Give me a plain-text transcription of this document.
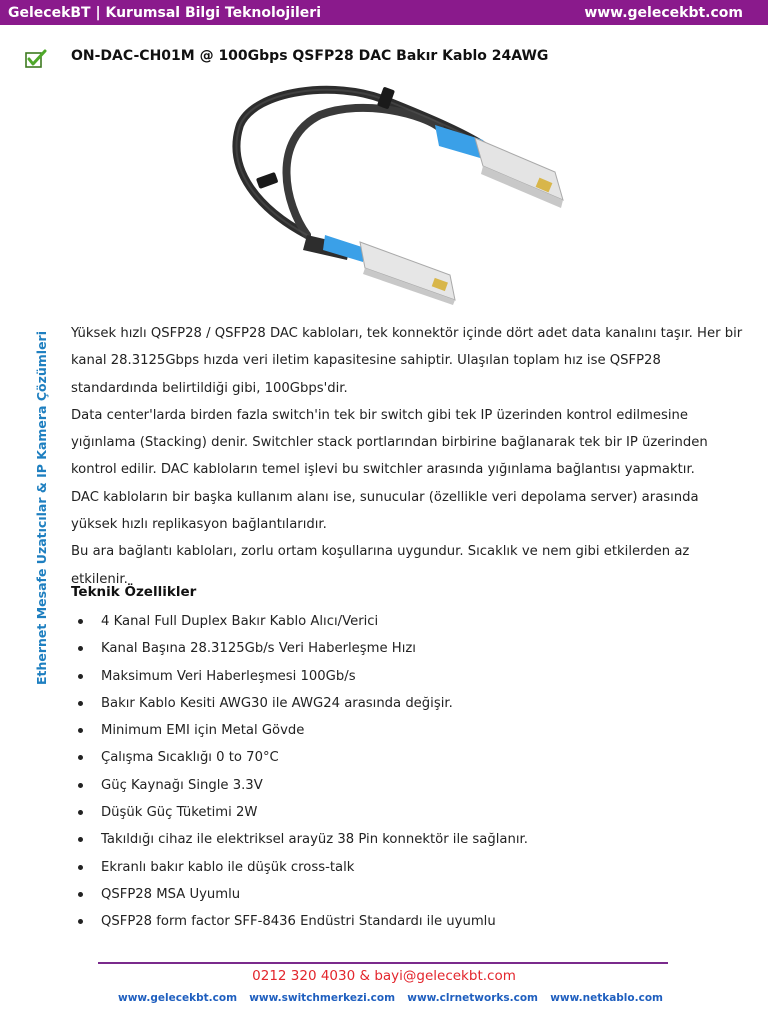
GelecekBT | Kurumsal Bilgi Teknolojileri	www.gelecekbt.com
ON-DAC-CH01M @ 100Gbps QSFP28 DAC Bakır Kablo 24AWG
Ethernet Mesafe Uzatıcılar & IP Kamera Çözümleri	Yüksek hızlı QSFP28 / QSFP28 DAC kabloları, tek konnektör içinde dört adet data kanalını taşır. Her bir kanal 28.3125Gbps hızda veri iletim kapasitesine sahiptir. Ulaşılan toplam hız ise QSFP28 standardında belirtildiği gibi, 100Gbps'dir.

Data center'larda birden fazla switch'in tek bir switch gibi tek IP üzerinden kontrol edilmesine yığınlama (Stacking) denir. Switchler stack portlarından birbirine bağlanarak tek bir IP üzerinden kontrol edilir. DAC kabloların temel işlevi bu switchler arasında yığınlama bağlantısı yapmaktır.

DAC kabloların bir başka kullanım alanı ise, sunucular (özellikle veri depolama server) arasında yüksek hızlı replikasyon bağlantılarıdır.

Bu ara bağlantı kabloları, zorlu ortam koşullarına uygundur. Sıcaklık ve nem gibi etkilerden az etkilenir.

Teknik Özellikler
4 Kanal Full Duplex Bakır Kablo Alıcı/Verici
Kanal Başına 28.3125Gb/s Veri Haberleşme Hızı
Maksimum Veri Haberleşmesi 100Gb/s
Bakır Kablo Kesiti AWG30 ile AWG24 arasında değişir.
Minimum EMI için Metal Gövde
Çalışma Sıcaklığı 0 to 70°C
Güç Kaynağı Single 3.3V
Düşük Güç Tüketimi 2W
Takıldığı cihaz ile elektriksel arayüz 38 Pin konnektör ile sağlanır.
Ekranlı bakır kablo ile düşük cross-talk
QSFP28 MSA Uyumlu
QSFP28 form factor SFF-8436 Endüstri Standardı ile uyumlu
0212 320 4030 & bayi@gelecekbt.com
www.gelecekbt.com www.switchmerkezi.com www.clrnetworks.com www.netkablo.com
